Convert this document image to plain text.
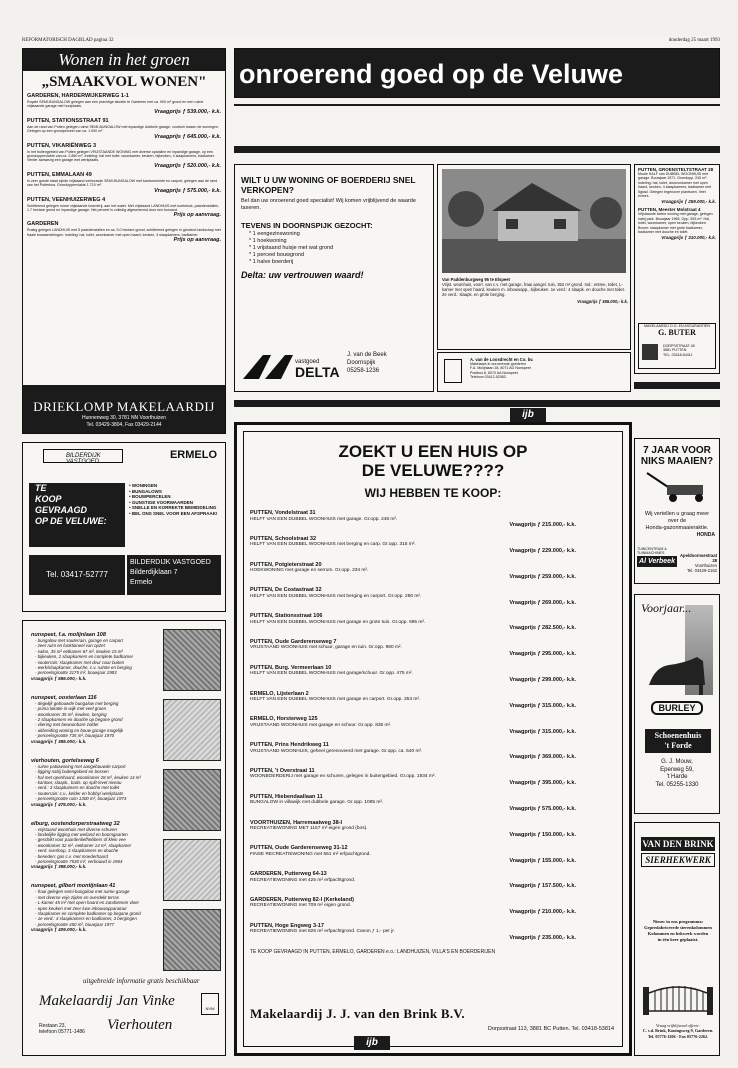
REFORMATORISCH DAGBLAD pagina 32	donderdag 25 maart 1993
Wonen in het groen
„SMAAKVOL WONEN"
GARDEREN, HARDERWIJKERWEG 1-1
Royale SEMI-BUNGALOW gelegen aan een prachtige situatie te Garderen met ca. 900 m² grond en een ruime vrijstaande garage met hooiplaats.
Vraagprijs ƒ 539.000,- k.k.
PUTTEN, STATIONSSTRAAT 91
Aan de rand van Putten gelegen ruime SEMI-BUNGALOW met inpandige dubbele garage, voortuin tussen de woningen. Gelegen op een grondperceel van ca. 1.000 m².
Vraagprijs ƒ 645.000,- k.k.
PUTTEN, VIKARIËNWEG 3
In het buitengebied van Putten gelegen VRIJSTAANDE WONING met diverse opstallen en inpandige garage, op een grondoppervlakte van ca. 2.860 m². Indeling: hal met toilet, woonkamer, keuken, bijkeuken, 4 slaapkamers, badkamer. Verder aanwezig een garage met werkplaats.
Vraagprijs ƒ 520.000,- k.k.
PUTTEN, EMMALAAN 49
In zeer goede staat zijnde vrijstaand verbouwde SEMI-BUNGALOW met kantoorruimte en carport, gelegen aan de rand van het Putterbos. Grondoppervlakte 1.710 m².
Vraagprijs ƒ 575.000,- k.k.
PUTTEN, VEENHUIZERWEG 4
Schitterend gelegen ruime vrijstaande boerderij, aan het water. Met vrijstaand LANDHUIS met koetshuis, paardenstallen, 1.7 hectare grond en inpandige garage. Het perceel is volledig afgeschermd door een bosrand.
Prijs op aanvraag.
GARDEREN
Rustig gelegen LANDHUIS met 5 paardenstallen en ca. 5.0 hectare grond, schitterend gelegen in glooiend landschap met fraaie boswandelingen. Indeling: hal, toilet, woonkamer met open haard, keuken, 4 slaapkamers, badkamer.
Prijs op aanvraag.
DRIEKLOMP MAKELAARDIJ
Hunnenweg 30, 3781 NN Voorthuizen
Tel. 03429-3804, Fax 03429-2144
onroerend goed op de Veluwe
WILT U UW WONING OF BOERDERIJ SNEL VERKOPEN?
Bel dan uw onroerend goed specialist! Wij komen vrijblijvend de waarde taxeren.
TEVENS IN DOORNSPIJK GEZOCHT:
* 1 eengezinswoning
* 1 hoekwoning
* 1 vrijstaand huisje met wat grond
* 1 perceel bouwgrond
* 1 halve boerderij
Delta: uw vertrouwen waard!
vastgoed
DELTA
J. van de Beek
Doornspijk
05258-1236
Van Paddenburgweg 95 te Elspeet
Vrijst. woonhuis, voorr. van c.v. met garage, fraai aangel. tuin, 352 m² grond. Ind.: entree, toilet, L-kamer met open haard, keuken m. inbouwapp., bijkeuken. 1e verd.: 4 slaapk. en douche met toilet. 2e verd.: slaapk. en grote berging.
Vraagprijs ƒ 385.000,- k.k.
A. van de Loosdrecht en Co. bv.
Makelaars in onroerende goederen
F.A. Molijnlaan 28, 8071 AG Nunspeet
Postbus 6, 8070 AA Nunspeet
Telefoon 03412-52063
PUTTEN, GROENSTELTSTRAAT 28
Mooie HALF van DUBBEL WOONHUIS met garage. Bouwjaar 1971. Grondopp. 245 m². Indeling: hal, toilet, doorzonkamer met open haard, keuken, 4 slaapkamers, badkamer met ligbad. Gelegen tegenover plantsoen. Veel extra's.
Vraagprijs ƒ 259.000,- k.k.
PUTTEN, Meester Molstraat 4
Vrijstaande kleine woning met garage, gelegen nabij park. Bouwjaar 1965. Opp. 553 m². Hal, toilet, woonkamer, open keuken, bijkeuken. Boven: slaapkamer met grote badkamer, badkamer met douche en toilet.
Vraagprijs ƒ 310.000,- k.k.
MAKELAARDIJ O.G. EN ASSURANTIËN
G. BUTER
DORPSSTRAAT 48
3881 PUTTEN
TEL. 03418-54411
BILDERDIJK VASTGOED
ERMELO
TE
KOOP
GEVRAAGD
OP DE VELUWE:
• WONINGEN
• BUNGALOWS
• BOUWPERCELEN
• GUNSTIGE VOORWAARDEN
• SNELLE EN KORREKTE BEMIDDELING
• BEL ONS SNEL VOOR EEN AFSPRAAK!
Tel. 03417-52777
BILDERDIJK VASTGOED
Bilderdijklaan 7
Ermelo
nunspeet, f.a. molijnlaan 108
- bungalow met souterrain, garage en carport
- zeer ruim en funktioneel van opzet
- salon, 35 m² eetkamer 67 m², keuken 15 m²
- bijkeuken, 2 slaapkamers en complete badkamer
- souterrain: slaapkamer met deur naar buiten
- werk/slaapkamer, douche, c.v. ruimte en berging
- perceelsgrootte 3175 m², bouwjaar 1983
vraagprijs ƒ 595.000,- k.k.
nunspeet, oosterlaan 116
- degelijk gebouwde bungalow met berging
- prima lokatie in wijk met veel groen
- woonkamer 35 m², keuken, berging
- 2 slaapkamers en douche op begane grond
- vliering met bewoonbare zolder
- uitbreiding woning en bouw garage mogelijk
- perceelsgrootte 735 m², bouwjaar 1970
vraagprijs ƒ 385.000,- k.k.
vierhouten, gortelseweg 6
- ruime patiowoning met aangebouwde carport
- ligging nabij buitengebied en bossen
- hal met openhaard, woonkamer 28 m², keuken 14 m²
- kantoor, slaapk., bads. op split-level niveau
- verd.: 3 slaapkamers en douche met toilet
- souterrain: c.v., kelder en hobby/ werkplaats
- perceelsgrootte ruim 1300 m², bouwjaar 1973
vraagprijs ƒ 475.000,- k.k.
elburg, oostendorperstraatweg 32
- vrijstaand woonhuis met diverse schuren
- landelijke ligging met weiland en boomgaarten
- geschikt voor paardenliefhebbers of klein vee
- woonkamer 32 m², eetkamer 14 m², slaapkamer
- verd. overloop, 3 slaapkamers en douche
- beneden: gas c.v. met moederhaard
- perceelsgrootte 7530 m², verbouwd in 1964
vraagprijs ƒ 398.000,- k.k.
nunspeet, gilbert montijnlaan 41
- fraai gelegen semi-bungalow met ruime garage
- met diverse vrije zijden en overdekt terras
- L-kamer 45 m² met open haard en zandstenen vloer
- open keuken met zeer luxe inbouwapparatuur
- slaapkamer en complete badkamer op begane grond
- 1e verd.: 4 slaapkamers en badkamer, 3 bergingen
- perceelsgrootte 450 m², bouwjaar 1977
vraagprijs ƒ 409.000,- k.k.
uitgebreide informatie gratis beschikbaar
Makelaardij Jan Vinke
Vierhouten
Restaan 23,
telefoon 05771-1486
NVM
ZOEKT U EEN HUIS OP
DE VELUWE????
WIJ HEBBEN TE KOOP:
PUTTEN, Vondelstraat 31
HELFT VAN EEN DUBBEL WOONHUIS met garage. Gr.opp. 248 m².
Vraagprijs ƒ 215.000,- k.k.
PUTTEN, Schoolstraat 32
HELFT VAN EEN DUBBEL WOONHUIS met berging en carp. Gr.opp. 315 m².
Vraagprijs ƒ 229.000,- k.k.
PUTTEN, Potgieterstraat 20
HOEKWONING met garage en serrum. Gr.opp. 234 m².
Vraagprijs ƒ 259.000,- k.k.
PUTTEN, De Costastraat 32
HELFT VAN EEN DUBBEL WOONHUIS met berging en carport. Gr.opp. 280 m².
Vraagprijs ƒ 269.000,- k.k.
PUTTEN, Stationsstraat 106
HELFT VAN EEN DUBBEL WOONHUIS met garage en grote tuin. Gr.opp. 695 m².
Vraagprijs ƒ 282.500,- k.k.
PUTTEN, Oude Garderenseweg 7
VRIJSTAAND WOONHUIS met schuur, garage en tuin. Gr.opp. 980 m².
Vraagprijs ƒ 295.000,- k.k.
PUTTEN, Burg. Vermeerlaan 10
HELFT VAN EEN DUBBEL WOONHUIS met garage/schuur. Gr.opp. 475 m².
Vraagprijs ƒ 299.000,- k.k.
ERMELO, Lijsterlaan 2
HELFT VAN EEN DUBBEL WOONHUIS met garage en carport. Gr.opp. 353 m².
Vraagprijs ƒ 315.000,- k.k.
ERMELO, Horsterweg 125
VRIJSTAAND WOONHUIS met garage en schuur. Gr.opp. 835 m².
Vraagprijs ƒ 315.000,- k.k.
PUTTEN, Prins Hendrikweg 11
VRIJSTAAND WOONHUIS, geheel gerenoveerd met garage. Gr.opp. ca. 540 m².
Vraagprijs ƒ 369.000,- k.k.
PUTTEN, 't Overstraat 11
WOONBOERDERIJ met garage en schuren, gelegen in buitengebied. Gr.opp. 1934 m².
Vraagprijs ƒ 395.000,- k.k.
PUTTEN, Hiebendaallaan 11
BUNGALOW in villawijk met dubbele garage. Gr.opp. 1085 m².
Vraagprijs ƒ 575.000,- k.k.
VOORTHUIZEN, Harremaatweg 38-I
RECREATIEWONING MET 1157 m² eigen grond (bos).
Vraagprijs ƒ 150.000,- k.k.
PUTTEN, Oude Garderenseweg 31-12
FINSE RECREATIEWONING met 551 m² erfpachtgrond.
Vraagprijs ƒ 155.000,- k.k.
GARDEREN, Putterweg 64-13
RECREATIEWONING met 425 m² erfpachtgrond.
Vraagprijs ƒ 157.500,- k.k.
GARDEREN, Putterweg 82-I (Kerkeland)
RECREATIEWONING met 709 m² eigen grond.
Vraagprijs ƒ 210.000,- k.k.
PUTTEN, Hoge Engweg 3-17
RECREATIEWONING met 825 m² erfpachtgrond. Canon ƒ 1,- per jr.
Vraagprijs ƒ 235.000,- k.k.
TE KOOP GEVRAAGD IN PUTTEN, ERMELO, GARDEREN e.o.: LANDHUIZEN, VILLA'S EN BOERDERIJEN
Makelaardij J. J. van den Brink B.V.
Dorpsstraat 113, 3881 BC Putten. Tel. 03418-53814
ijb
ijb
7 JAAR VOOR NIKS MAAIEN?
Wij vertellen u graag meer
over de
Honda-gazonmaaieraktie.
HONDA
TUINCENTRUM & TUINMACHINES
Al Verbeek
Apeldoornsestraat 28
Voorthuizen
Tel. 03429-2162
Voorjaar...
BURLEY
Schoenenhuis
't Forde
G. J. Mouw,
Eperweg 59,
't Harde
Tel. 05255-1330
VAN DEN BRINK
SIERHEKWERK
Nieuw in ons programma:
Gepredabriceerde sierenkolommen
Kolommen en hekwerk worden
in één keer geplaatst.
Vraag vrijblijvend offerte:
C. v.d. Brink, Koningsweg 9, Garderen.
Tel. 05776-1206 - Fax 05776-2262.
